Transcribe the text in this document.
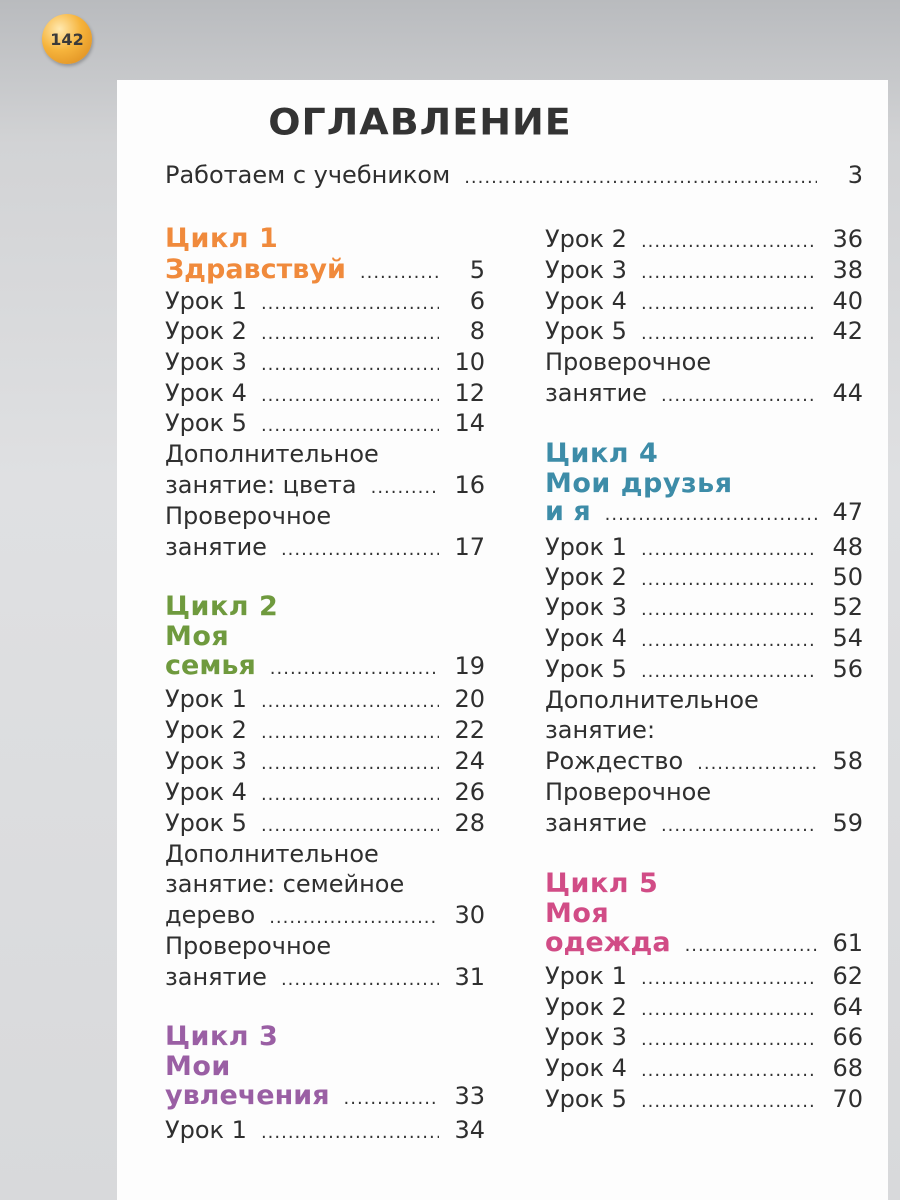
142
ОГЛАВЛЕНИЕ
Работаем с учебником .....	3
Цикл 1
Здравствуй .....	5
Урок 1 .....	6
Урок 2 .....	8
Урок 3 .....	10
Урок 4 .....	12
Урок 5 .....	14
Дополнительное
занятие: цвета .....	16
Проверочное
занятие .....	17
Цикл 2
Моя
семья .....	19
Урок 1 .....	20
Урок 2 .....	22
Урок 3 .....	24
Урок 4 .....	26
Урок 5 .....	28
Дополнительное
занятие: семейное
дерево .....	30
Проверочное
занятие .....	31
Цикл 3
Мои
увлечения .....	33
Урок 1 .....	34
Урок 2 .....	36
Урок 3 .....	38
Урок 4 .....	40
Урок 5 .....	42
Проверочное
занятие .....	44
Цикл 4
Мои друзья
и я .....	47
Урок 1 .....	48
Урок 2 .....	50
Урок 3 .....	52
Урок 4 .....	54
Урок 5 .....	56
Дополнительное
занятие:
Рождество .....	58
Проверочное
занятие .....	59
Цикл 5
Моя
одежда .....	61
Урок 1 .....	62
Урок 2 .....	64
Урок 3 .....	66
Урок 4 .....	68
Урок 5 .....	70
